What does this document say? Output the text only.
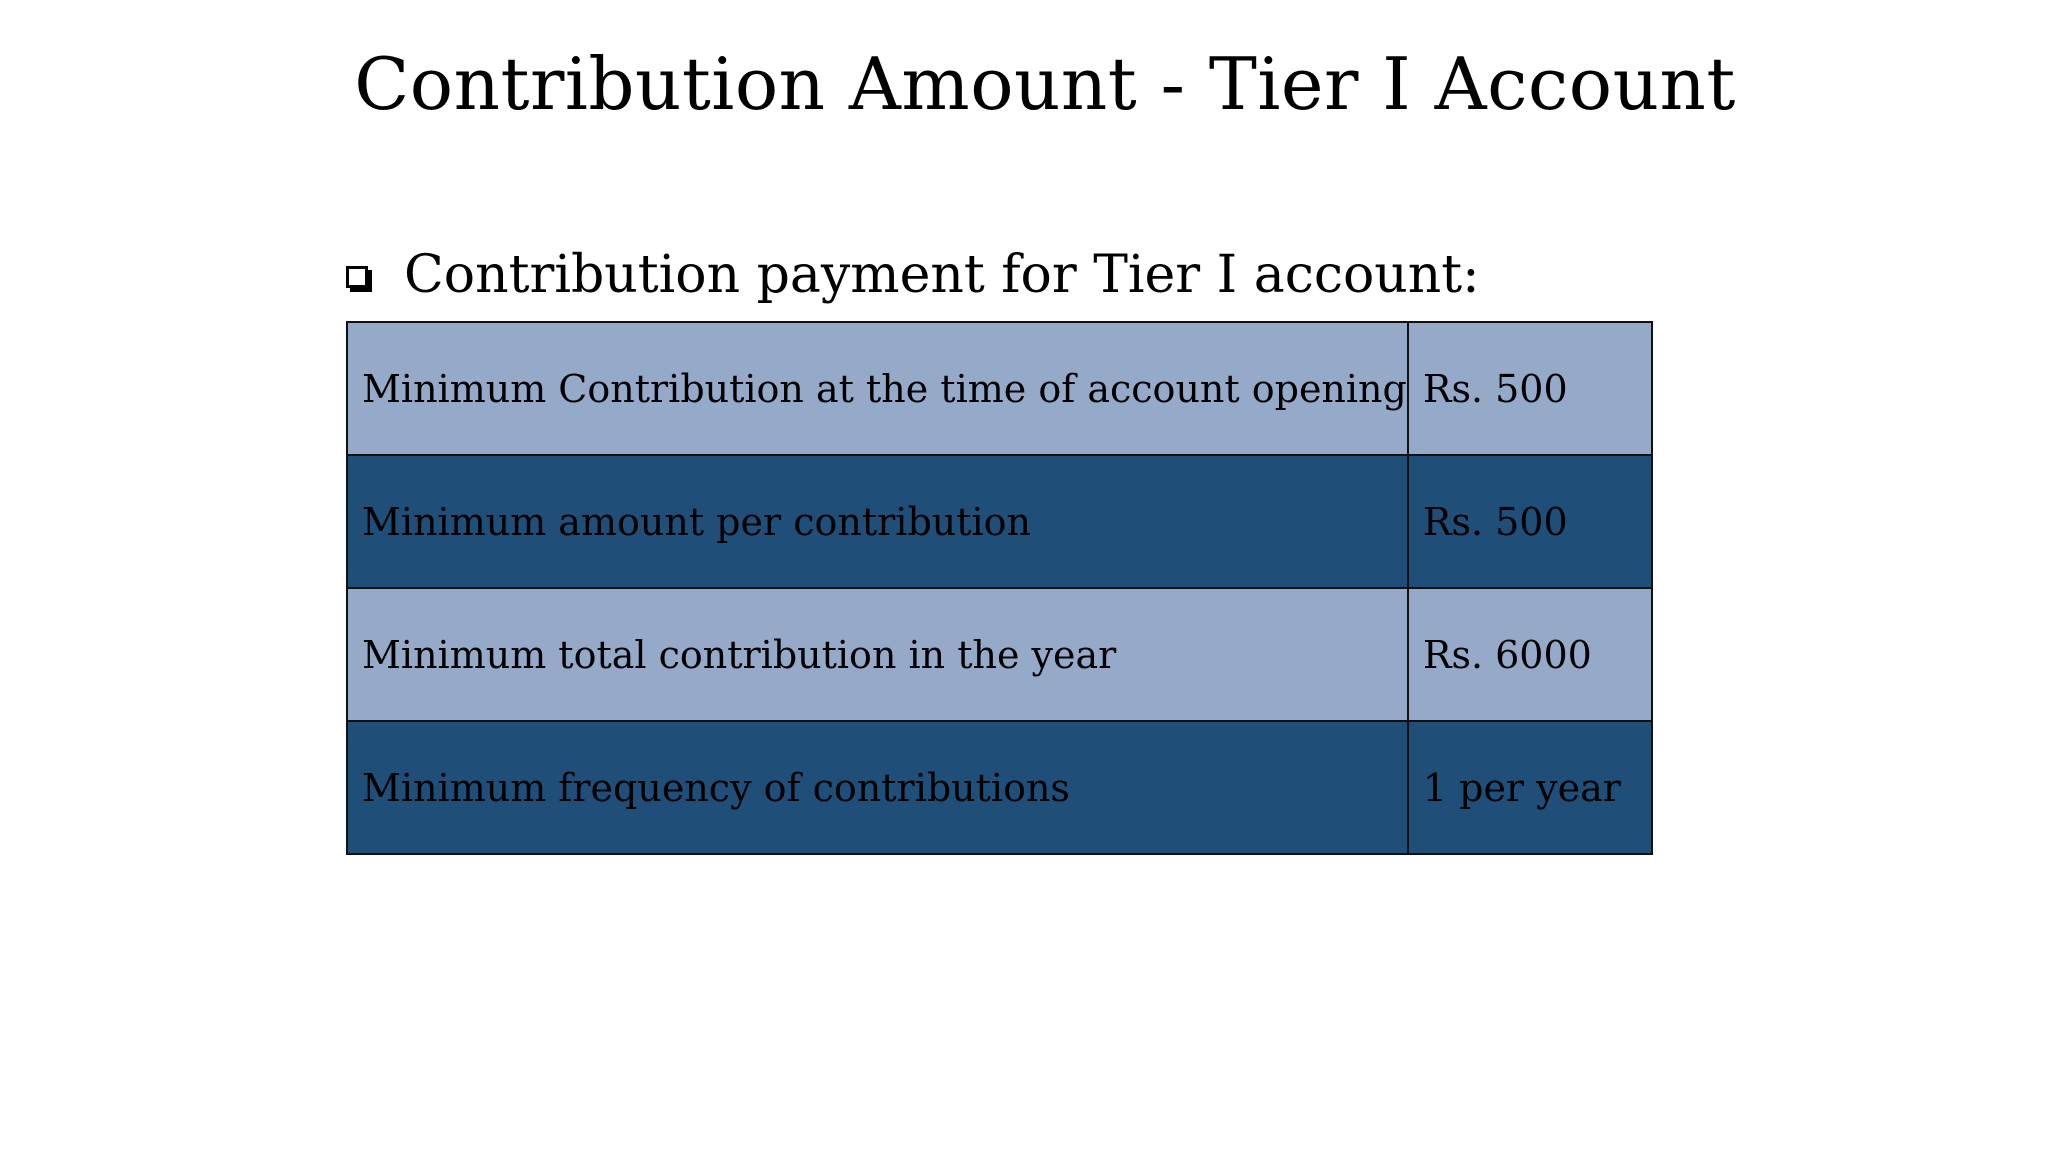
Contribution Amount - Tier I Account
Contribution payment for Tier I account:
Minimum Contribution at the time of account opening	Rs. 500
Minimum amount per contribution	Rs. 500
Minimum total contribution in the year	Rs. 6000
Minimum frequency of contributions	1 per year
